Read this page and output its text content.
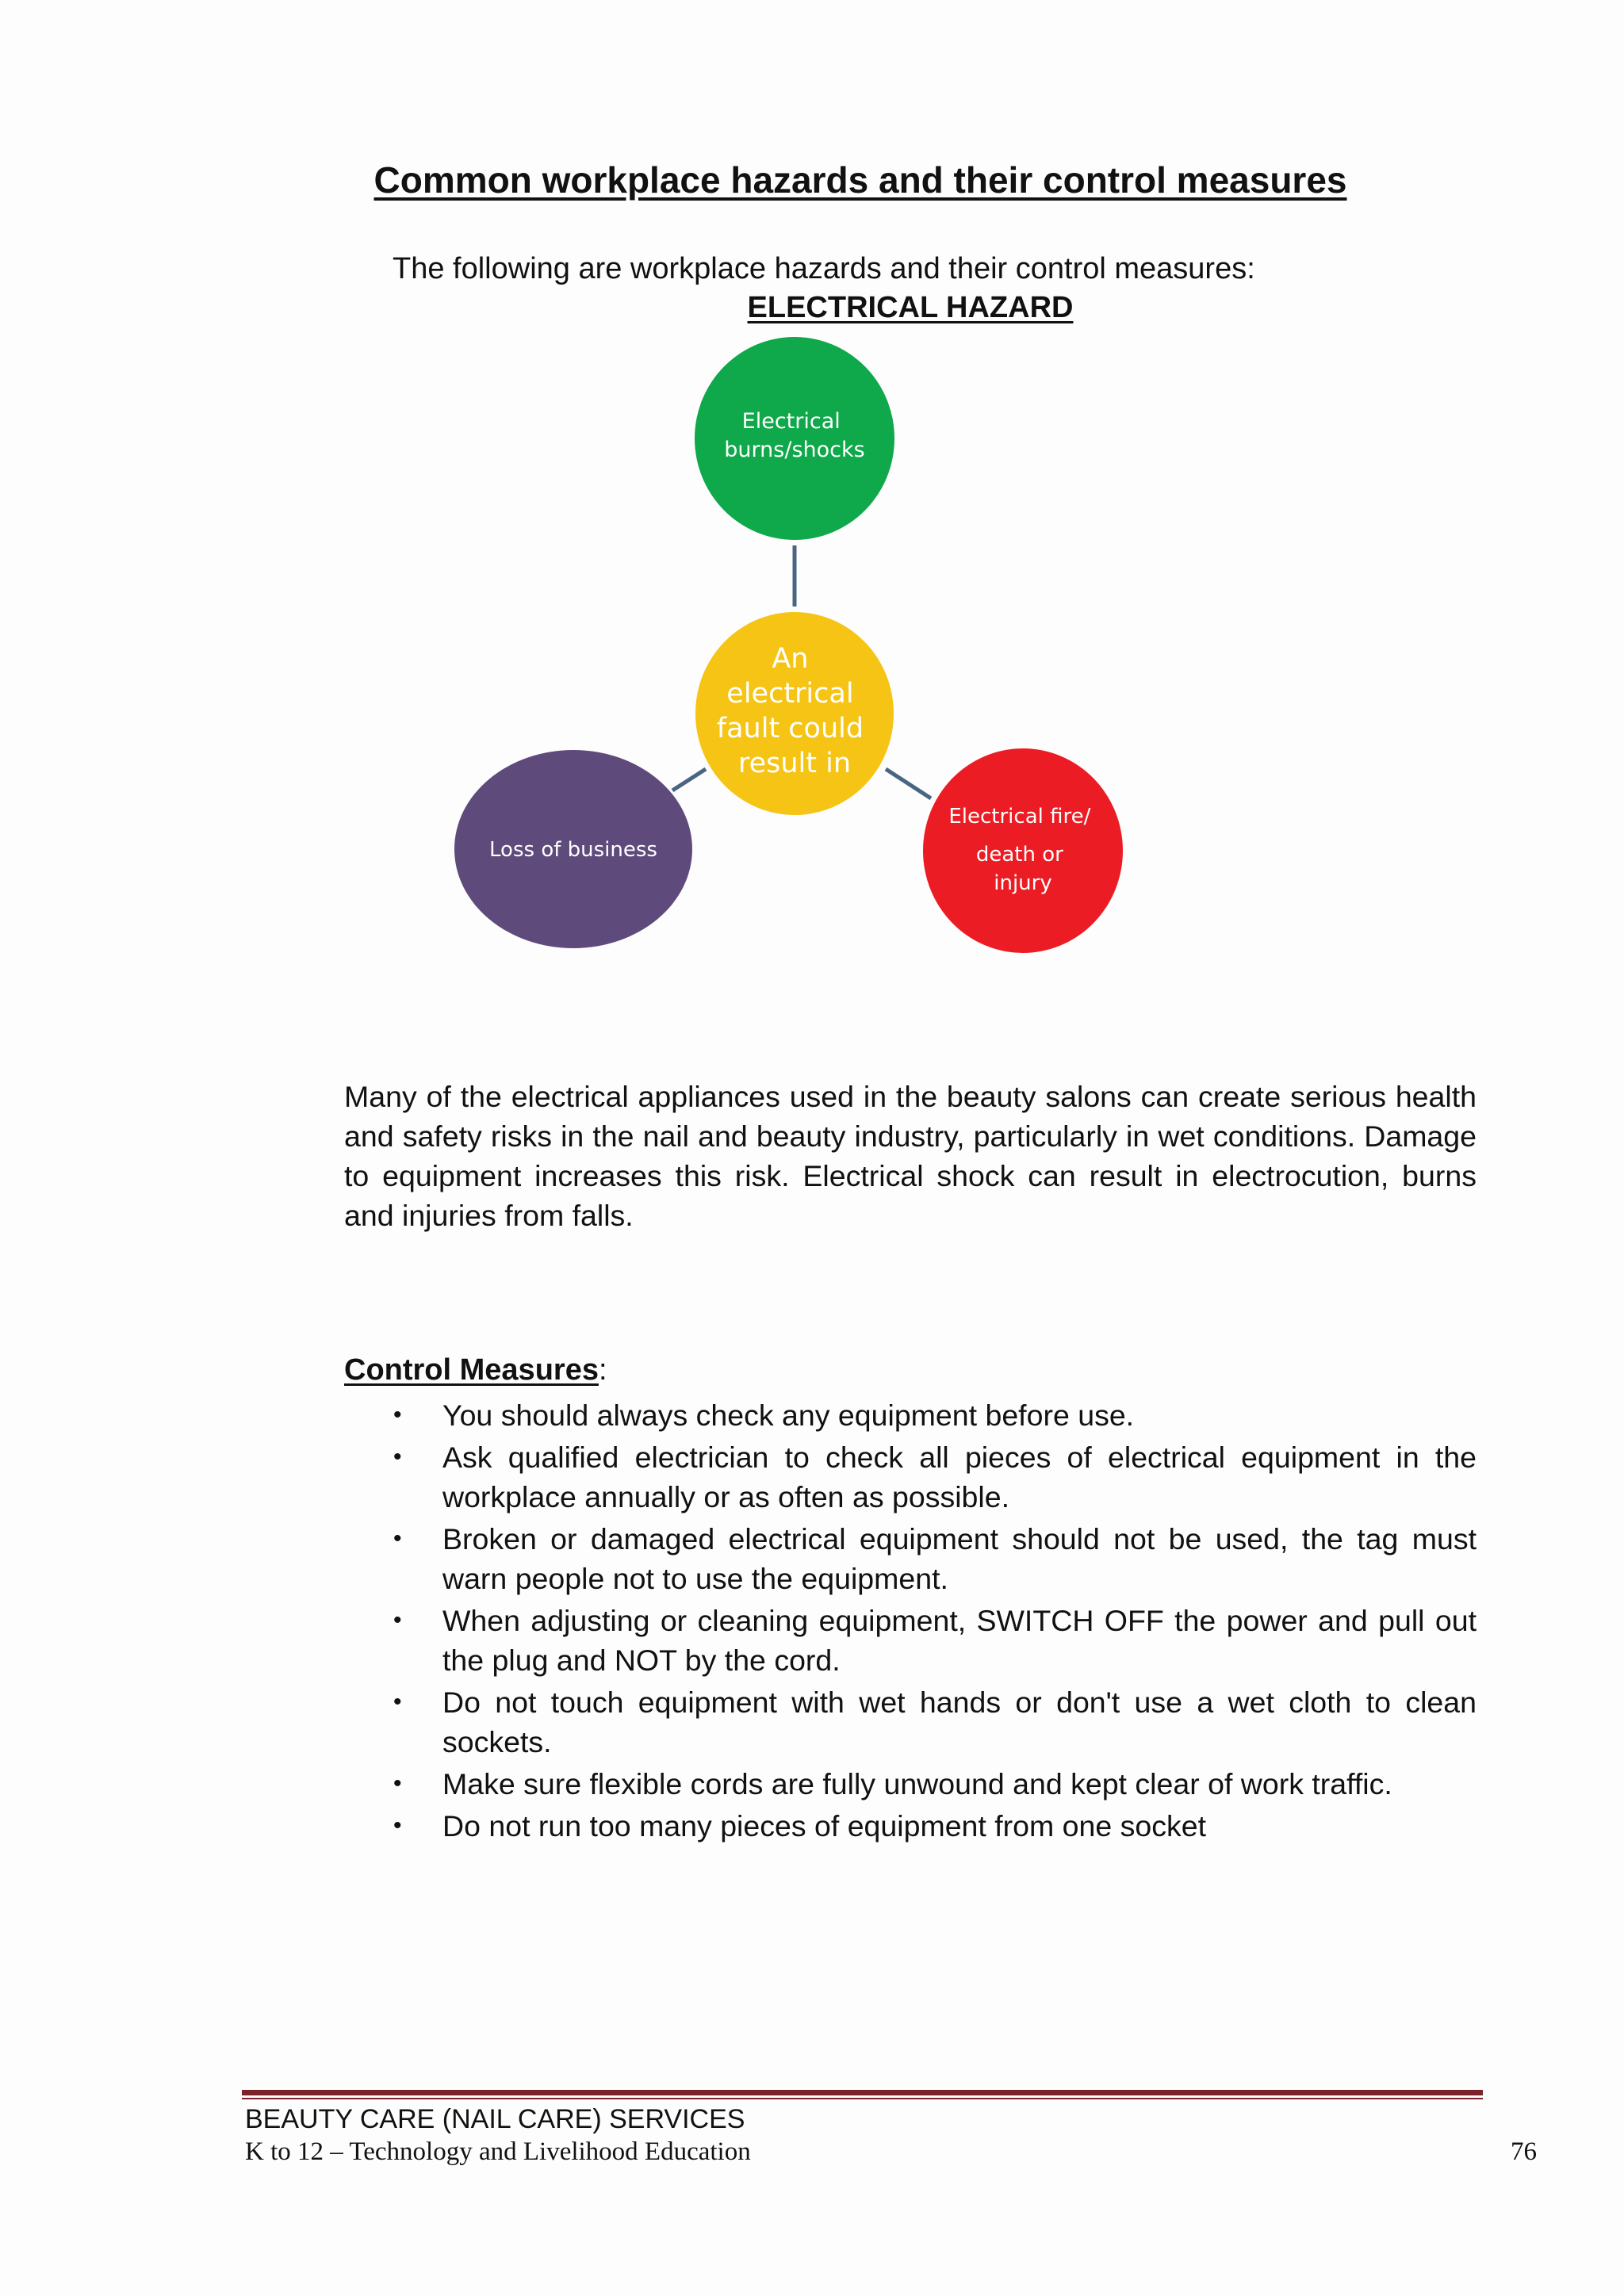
Common workplace hazards and their control measures

The following are workplace hazards and their control measures:

ELECTRICAL HAZARD
Electrical burns/shocks
An electrical fault could result in
Loss of business
Electrical fire/ death or injury

Many of the electrical appliances used in the beauty salons can create serious health and safety risks in the nail and beauty industry, particularly in wet conditions. Damage to equipment increases this risk. Electrical shock can result in electrocution, burns and injuries from falls.

Control Measures:

• You should always check any equipment before use.
• Ask qualified electrician to check all pieces of electrical equipment in the workplace annually or as often as possible.
• Broken or damaged electrical equipment should not be used, the tag must warn people not to use the equipment.
• When adjusting or cleaning equipment, SWITCH OFF the power and pull out the plug and NOT by the cord.
• Do not touch equipment with wet hands or don't use a wet cloth to clean sockets.
• Make sure flexible cords are fully unwound and kept clear of work traffic.
• Do not run too many pieces of equipment from one socket

BEAUTY CARE (NAIL CARE) SERVICES

K to 12 – Technology and Livelihood Education	76
